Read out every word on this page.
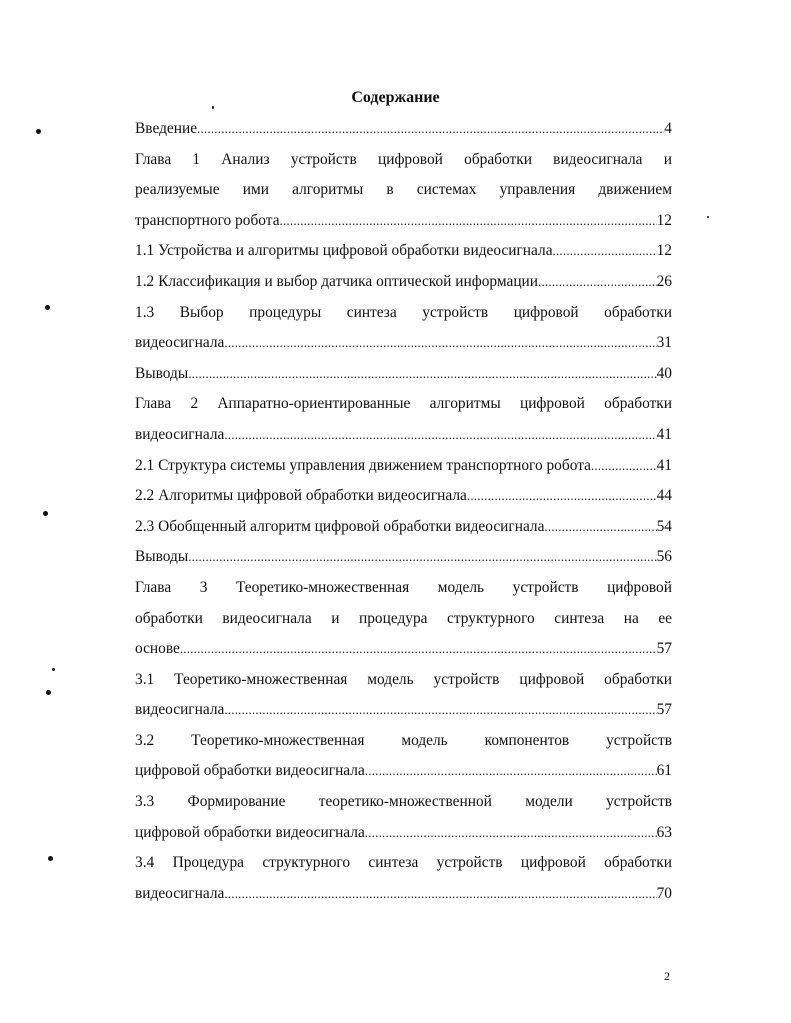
Содержание
Введение .....	4
Глава 1 Анализ устройств цифровой обработки видеосигнала и
реализуемые ими алгоритмы в системах управления движением
транспортного робота .....	12
1.1 Устройства и алгоритмы цифровой обработки видеосигнала .....	12
1.2 Классификация и выбор датчика оптической информации .....	26
1.3 Выбор процедуры синтеза устройств цифровой обработки
видеосигнала .....	31
Выводы .....	40
Глава 2 Аппаратно-ориентированные алгоритмы цифровой обработки
видеосигнала .....	41
2.1 Структура системы управления движением транспортного робота .....	41
2.2 Алгоритмы цифровой обработки видеосигнала .....	44
2.3 Обобщенный алгоритм цифровой обработки видеосигнала .....	54
Выводы .....	56
Глава 3 Теоретико-множественная модель устройств цифровой
обработки видеосигнала и процедура структурного синтеза на ее
основе .....	57
3.1 Теоретико-множественная модель устройств цифровой обработки
видеосигнала .....	57
3.2 Теоретико-множественная модель компонентов устройств
цифровой обработки видеосигнала .....	61
3.3 Формирование теоретико-множественной модели устройств
цифровой обработки видеосигнала .....	63
3.4 Процедура структурного синтеза устройств цифровой обработки
видеосигнала .....	70
2
